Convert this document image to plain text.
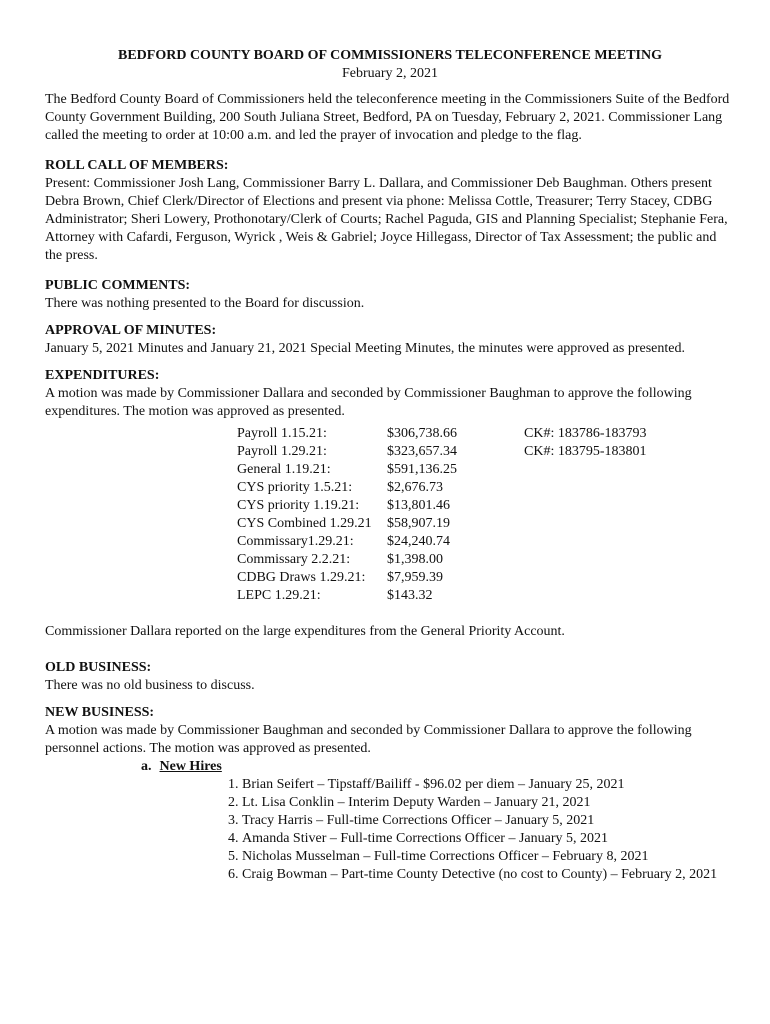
BEDFORD COUNTY BOARD OF COMMISSIONERS TELECONFERENCE MEETING
February 2, 2021

The Bedford County Board of Commissioners held the teleconference meeting in the Commissioners Suite of the Bedford County Government Building, 200 South Juliana Street, Bedford, PA on Tuesday, February 2, 2021. Commissioner Lang called the meeting to order at 10:00 a.m. and led the prayer of invocation and pledge to the flag.

ROLL CALL OF MEMBERS:

Present: Commissioner Josh Lang, Commissioner Barry L. Dallara, and Commissioner Deb Baughman. Others present Debra Brown, Chief Clerk/Director of Elections and present via phone: Melissa Cottle, Treasurer; Terry Stacey, CDBG Administrator; Sheri Lowery, Prothonotary/Clerk of Courts; Rachel Paguda, GIS and Planning Specialist; Stephanie Fera, Attorney with Cafardi, Ferguson, Wyrick , Weis & Gabriel; Joyce Hillegass, Director of Tax Assessment; the public and the press.

PUBLIC COMMENTS:

There was nothing presented to the Board for discussion.

APPROVAL OF MINUTES:

January 5, 2021 Minutes and January 21, 2021 Special Meeting Minutes, the minutes were approved as presented.

EXPENDITURES:

A motion was made by Commissioner Dallara and seconded by Commissioner Baughman to approve the following expenditures. The motion was approved as presented.

Payroll 1.15.21:	$306,738.66	CK#: 183786-183793
Payroll 1.29.21:	$323,657.34	CK#: 183795-183801
General 1.19.21:	$591,136.25
CYS priority 1.5.21:	$2,676.73
CYS priority 1.19.21:	$13,801.46
CYS Combined 1.29.21	$58,907.19
Commissary1.29.21:	$24,240.74
Commissary 2.2.21:	$1,398.00
CDBG Draws 1.29.21:	$7,959.39
LEPC 1.29.21:	$143.32

Commissioner Dallara reported on the large expenditures from the General Priority Account.

OLD BUSINESS:

There was no old business to discuss.

NEW BUSINESS:

A motion was made by Commissioner Baughman and seconded by Commissioner Dallara to approve the following personnel actions. The motion was approved as presented.

a. New Hires
1. Brian Seifert – Tipstaff/Bailiff - $96.02 per diem – January 25, 2021
2. Lt. Lisa Conklin – Interim Deputy Warden – January 21, 2021
3. Tracy Harris – Full-time Corrections Officer – January 5, 2021
4. Amanda Stiver – Full-time Corrections Officer – January 5, 2021
5. Nicholas Musselman – Full-time Corrections Officer – February 8, 2021
6. Craig Bowman – Part-time County Detective (no cost to County) – February 2, 2021
